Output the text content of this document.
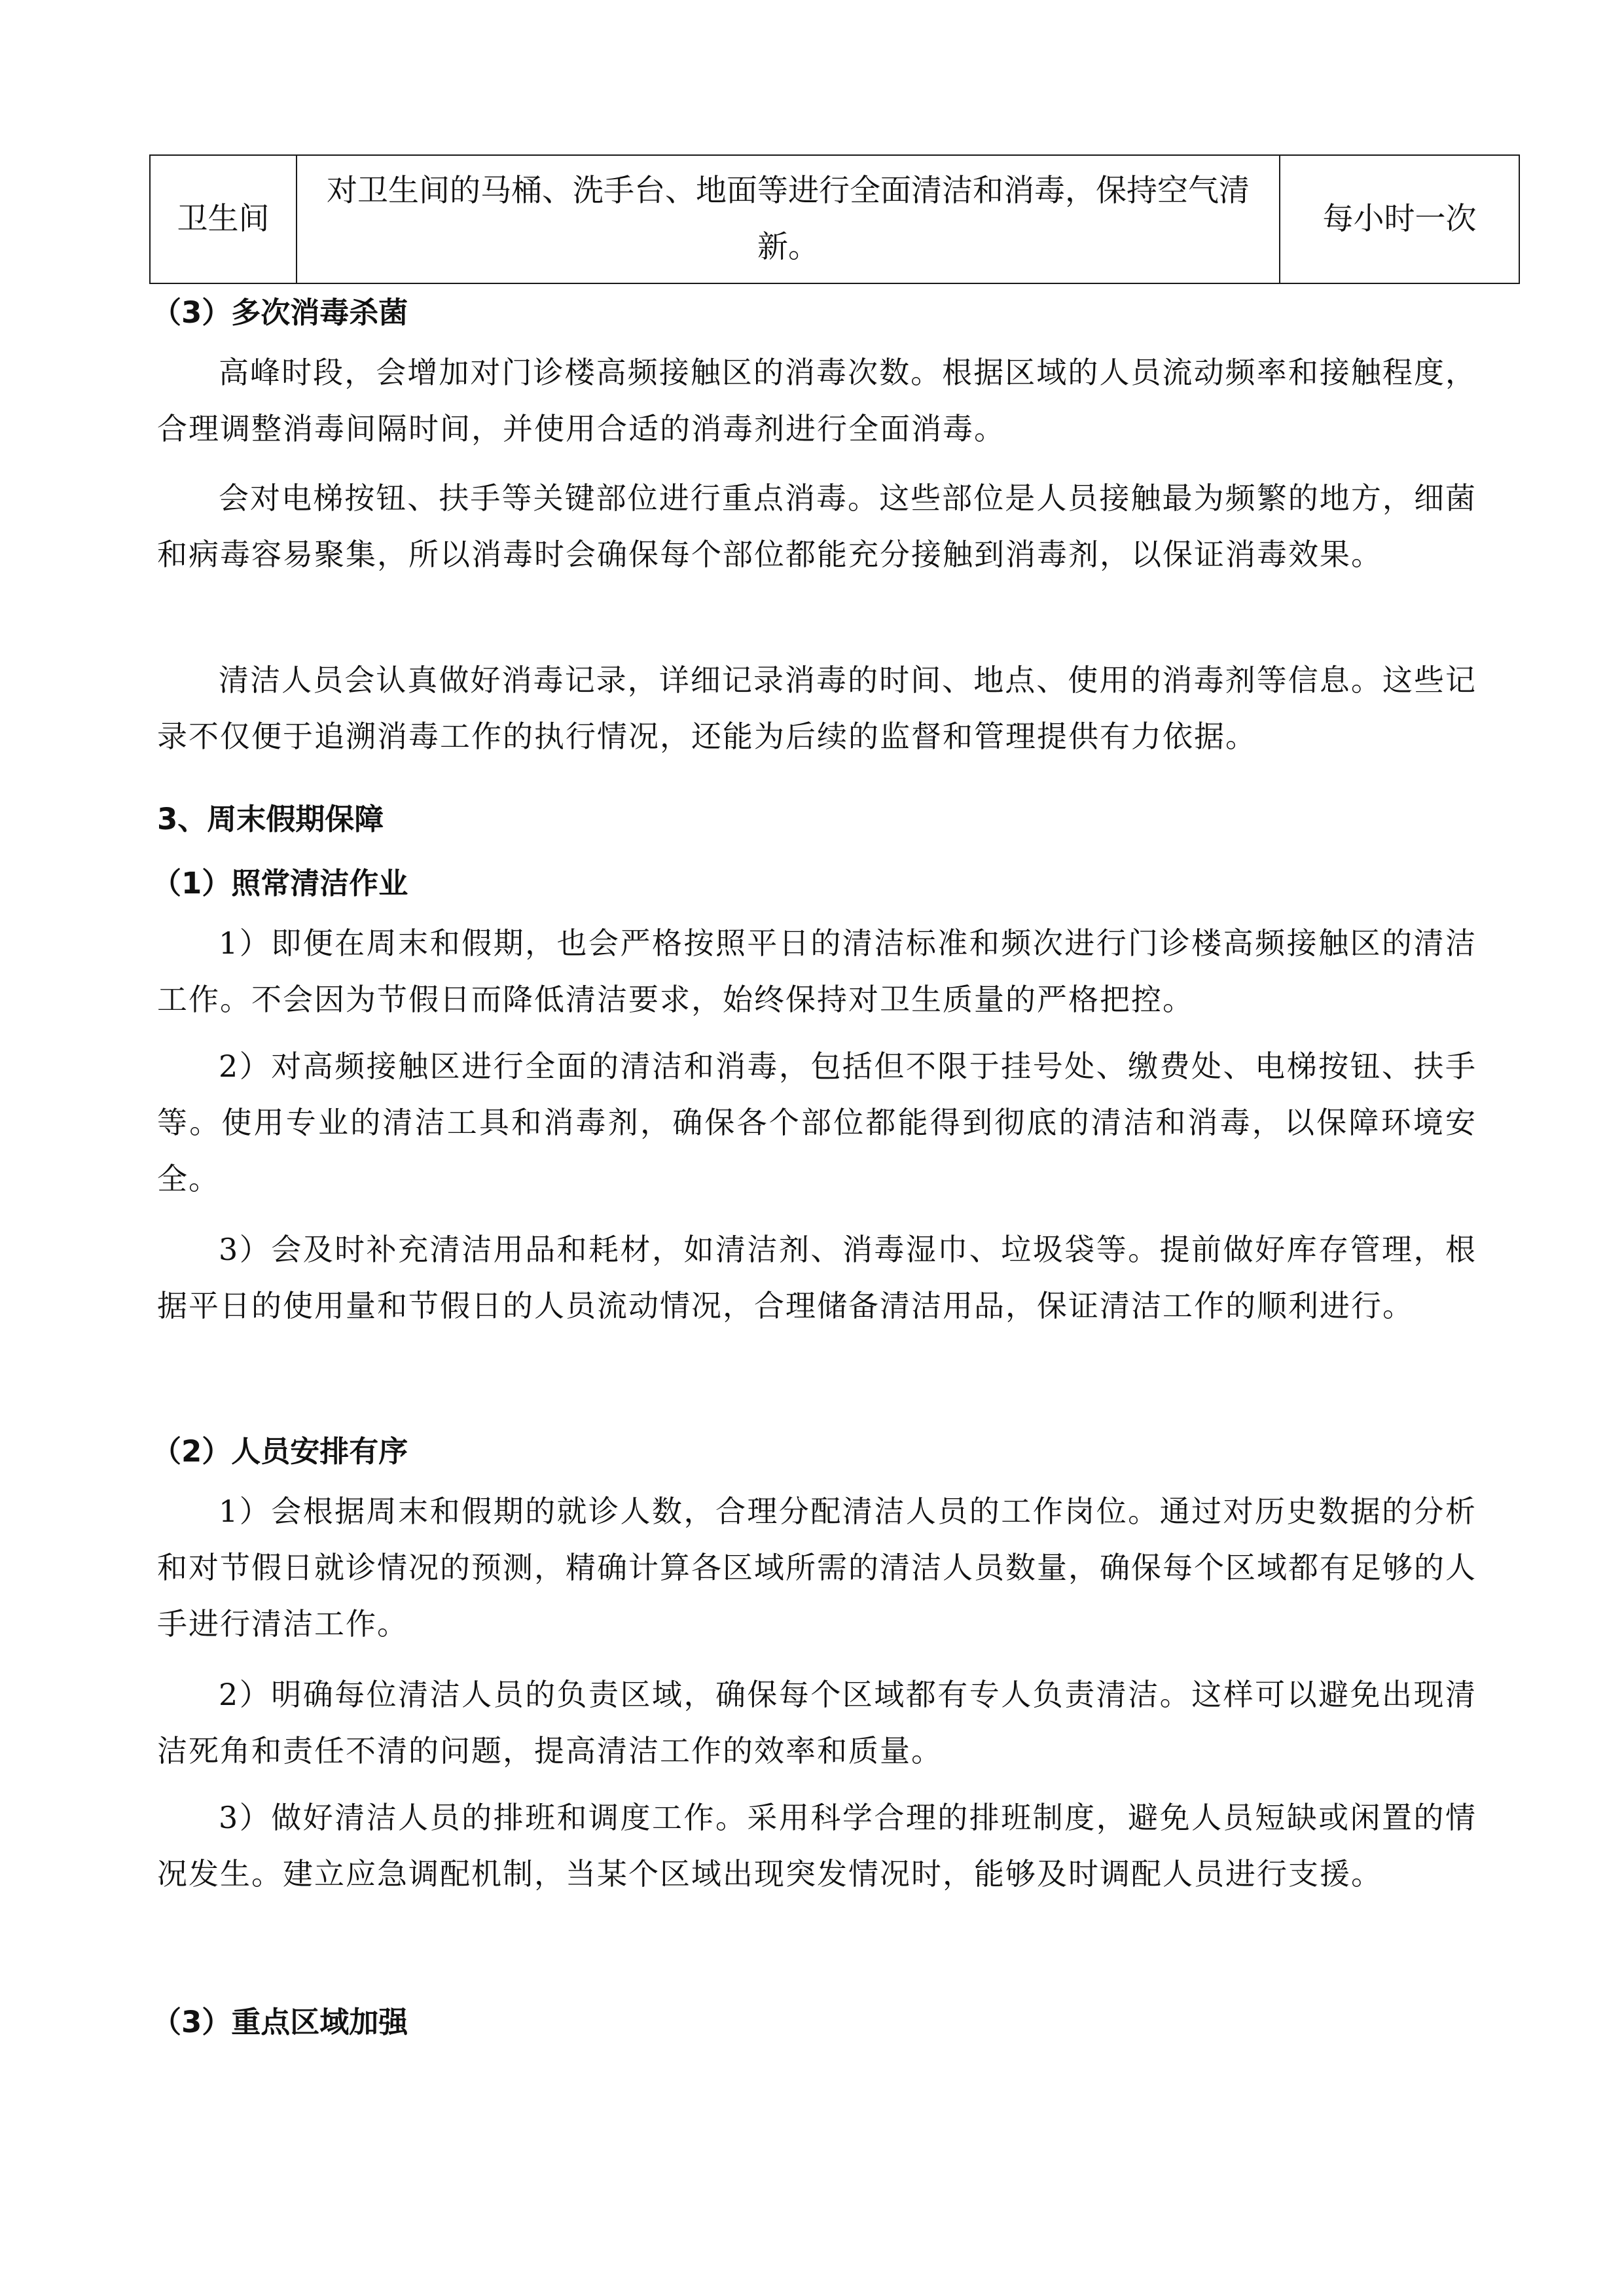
卫生间	对卫生间的马桶、洗手台、地面等进行全面清洁和消毒，保持空气清新。	每小时一次
（3）多次消毒杀菌

高峰时段，会增加对门诊楼高频接触区的消毒次数。根据区域的人员流动频率和接触程度，合理调整消毒间隔时间，并使用合适的消毒剂进行全面消毒。

会对电梯按钮、扶手等关键部位进行重点消毒。这些部位是人员接触最为频繁的地方，细菌和病毒容易聚集，所以消毒时会确保每个部位都能充分接触到消毒剂，以保证消毒效果。

清洁人员会认真做好消毒记录，详细记录消毒的时间、地点、使用的消毒剂等信息。这些记录不仅便于追溯消毒工作的执行情况，还能为后续的监督和管理提供有力依据。

3、周末假期保障
（1）照常清洁作业

1）即便在周末和假期，也会严格按照平日的清洁标准和频次进行门诊楼高频接触区的清洁工作。不会因为节假日而降低清洁要求，始终保持对卫生质量的严格把控。

2）对高频接触区进行全面的清洁和消毒，包括但不限于挂号处、缴费处、电梯按钮、扶手等。使用专业的清洁工具和消毒剂，确保各个部位都能得到彻底的清洁和消毒，以保障环境安全。

3）会及时补充清洁用品和耗材，如清洁剂、消毒湿巾、垃圾袋等。提前做好库存管理，根据平日的使用量和节假日的人员流动情况，合理储备清洁用品，保证清洁工作的顺利进行。

（2）人员安排有序

1）会根据周末和假期的就诊人数，合理分配清洁人员的工作岗位。通过对历史数据的分析和对节假日就诊情况的预测，精确计算各区域所需的清洁人员数量，确保每个区域都有足够的人手进行清洁工作。

2）明确每位清洁人员的负责区域，确保每个区域都有专人负责清洁。这样可以避免出现清洁死角和责任不清的问题，提高清洁工作的效率和质量。

3）做好清洁人员的排班和调度工作。采用科学合理的排班制度，避免人员短缺或闲置的情况发生。建立应急调配机制，当某个区域出现突发情况时，能够及时调配人员进行支援。

（3）重点区域加强
